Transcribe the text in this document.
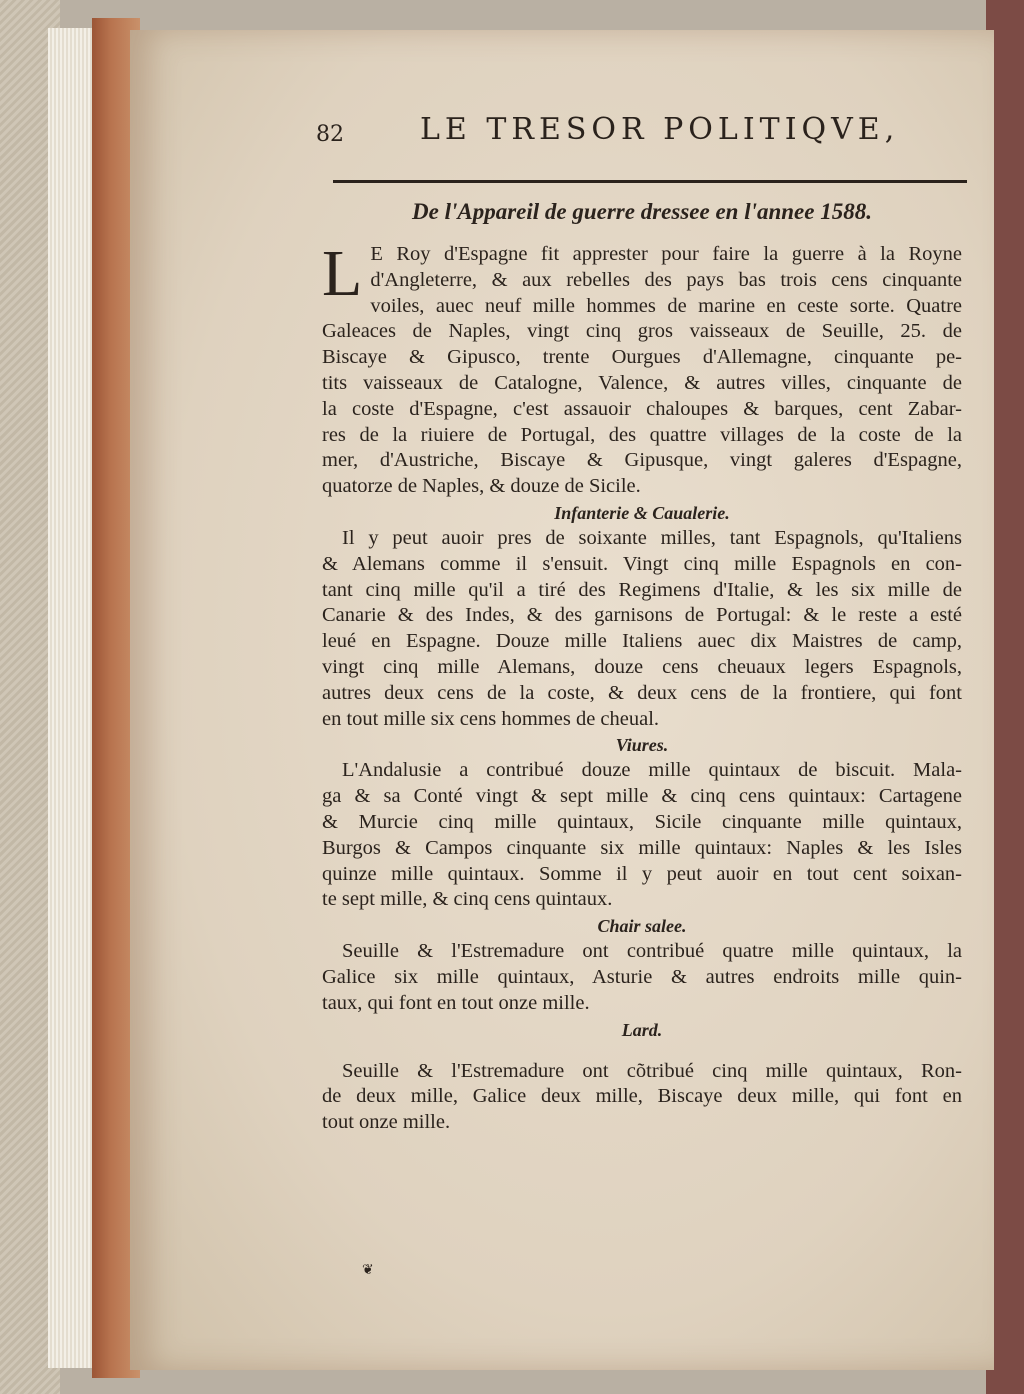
82	LE TRESOR POLITIQVE,
De l'Appareil de guerre dressee en l'annee 1588.

L E Roy d'Espagne fit apprester pour faire la guerre à la Royne
d'Angleterre, & aux rebelles des pays bas trois cens cinquante
voiles, auec neuf mille hommes de marine en ceste sorte. Quatre
Galeaces de Naples, vingt cinq gros vaisseaux de Seuille, 25. de
Biscaye & Gipusco, trente Ourgues d'Allemagne, cinquante pe-
tits vaisseaux de Catalogne, Valence, & autres villes, cinquante de
la coste d'Espagne, c'est assauoir chaloupes & barques, cent Zabar-
res de la riuiere de Portugal, des quattre villages de la coste de la
mer, d'Austriche, Biscaye & Gipusque, vingt galeres d'Espagne,
quatorze de Naples, & douze de Sicile.

Infanterie & Caualerie.

Il y peut auoir pres de soixante milles, tant Espagnols, qu'Italiens
& Alemans comme il s'ensuit. Vingt cinq mille Espagnols en con-
tant cinq mille qu'il a tiré des Regimens d'Italie, & les six mille de
Canarie & des Indes, & des garnisons de Portugal: & le reste a esté
leué en Espagne. Douze mille Italiens auec dix Maistres de camp,
vingt cinq mille Alemans, douze cens cheuaux legers Espagnols,
autres deux cens de la coste, & deux cens de la frontiere, qui font
en tout mille six cens hommes de cheual.

Viures.

L'Andalusie a contribué douze mille quintaux de biscuit. Mala-
ga & sa Conté vingt & sept mille & cinq cens quintaux: Cartagene
& Murcie cinq mille quintaux, Sicile cinquante mille quintaux,
Burgos & Campos cinquante six mille quintaux: Naples & les Isles
quinze mille quintaux. Somme il y peut auoir en tout cent soixan-
te sept mille, & cinq cens quintaux.

Chair salee.

Seuille & l'Estremadure ont contribué quatre mille quintaux, la
Galice six mille quintaux, Asturie & autres endroits mille quin-
taux, qui font en tout onze mille.

Lard.

Seuille & l'Estremadure ont cõtribué cinq mille quintaux, Ron-
de deux mille, Galice deux mille, Biscaye deux mille, qui font en
tout onze mille.

❦
